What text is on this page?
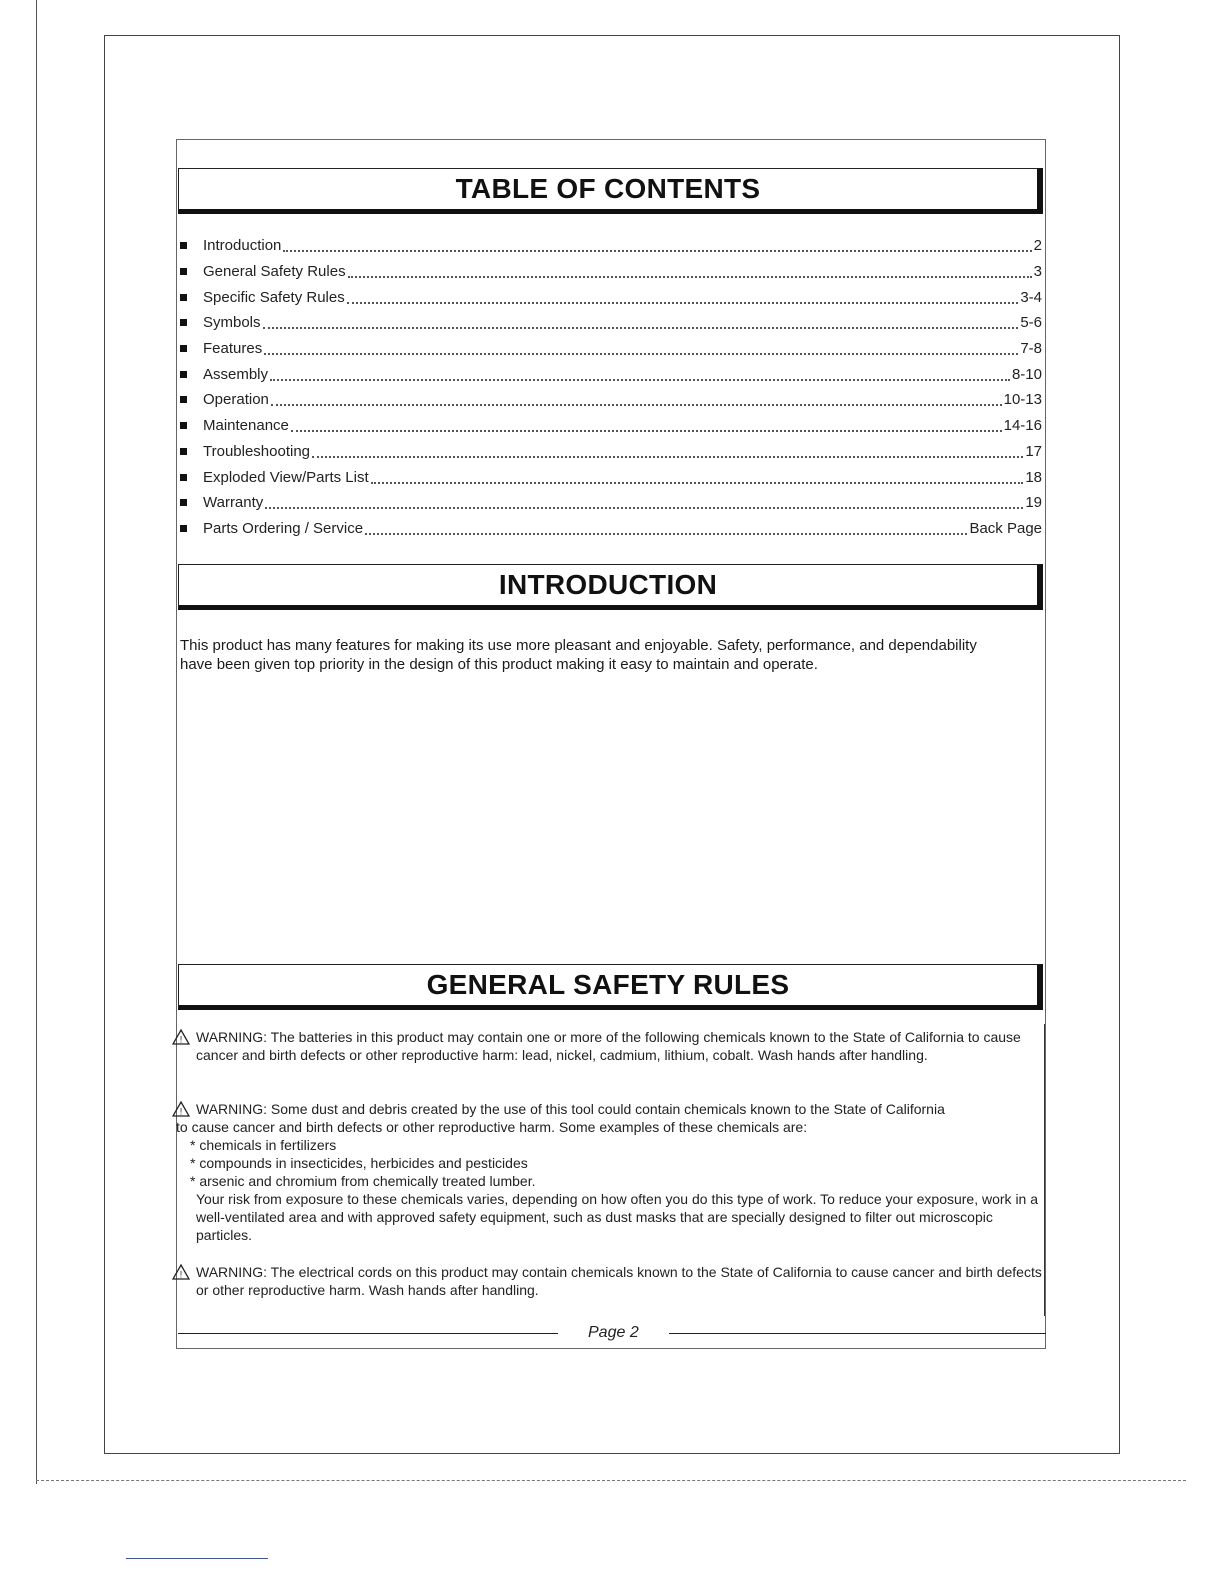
TABLE OF CONTENTS
Introduction	2
General Safety Rules	3
Specific Safety Rules	3-4
Symbols	5-6
Features	7-8
Assembly	8-10
Operation	10-13
Maintenance	14-16
Troubleshooting	17
Exploded View/Parts List	18
Warranty	19
Parts Ordering / Service	Back Page
INTRODUCTION

This product has many features for making its use more pleasant and enjoyable. Safety, performance, and dependability
have been given top priority in the design of this product making it easy to maintain and operate.

GENERAL SAFETY RULES
! WARNING: The batteries in this product may contain one or more of the following chemicals known to the State of California to cause cancer and birth defects or other reproductive harm: lead, nickel, cadmium, lithium, cobalt. Wash hands after handling.

! WARNING: Some dust and debris created by the use of this tool could contain chemicals known to the State of California

to cause cancer and birth defects or other reproductive harm. Some examples of these chemicals are:

* chemicals in fertilizers
* compounds in insecticides, herbicides and pesticides
* arsenic and chromium from chemically treated lumber.

Your risk from exposure to these chemicals varies, depending on how often you do this type of work. To reduce your exposure, work in a well-ventilated area and with approved safety equipment, such as dust masks that are specially designed to filter out microscopic particles.

! WARNING: The electrical cords on this product may contain chemicals known to the State of California to cause cancer and birth defects or other reproductive harm. Wash hands after handling.

Page 2
